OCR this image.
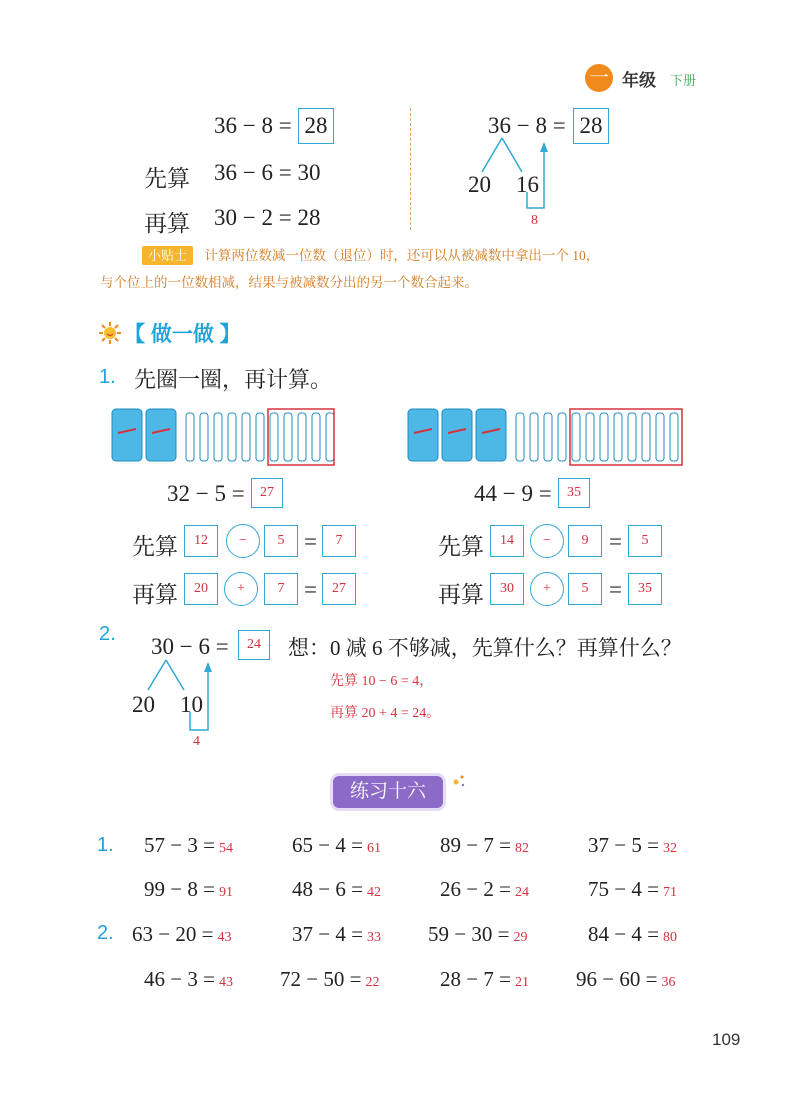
一 年级 下册
36 − 8 = 28
先算 36 − 6 = 30
再算 30 − 2 = 28
36 − 8 = 28
20 16
8
小贴士 计算两位数减一位数（退位）时，还可以从被减数中拿出一个 10，
与个位上的一位数相减，结果与被减数分出的另一个数合起来。
【 做一做 】
1. 先圈一圈，再计算。
32 − 5 =	27
先算	12	−	5 =	7
再算	20	+	7 =	27
44 − 9 =	35
先算	14	−	9 =	5
再算	30	+	5 =	35
2. 30 − 6 =	24
20 10
4
想：0 减 6 不够减，先算什么？再算什么？
先算 10 − 6 = 4，
再算 20 + 4 = 24。
练习十六
1.
2.
57 − 3 = 54	65 − 4 = 61	89 − 7 = 82	37 − 5 = 32
99 − 8 = 91	48 − 6 = 42	26 − 2 = 24	75 − 4 = 71
63 − 20 = 43	37 − 4 = 33 59 − 30 = 29	84 − 4 = 80
46 − 3 = 43 72 − 50 = 22	28 − 7 = 21 96 − 60 = 36
109
